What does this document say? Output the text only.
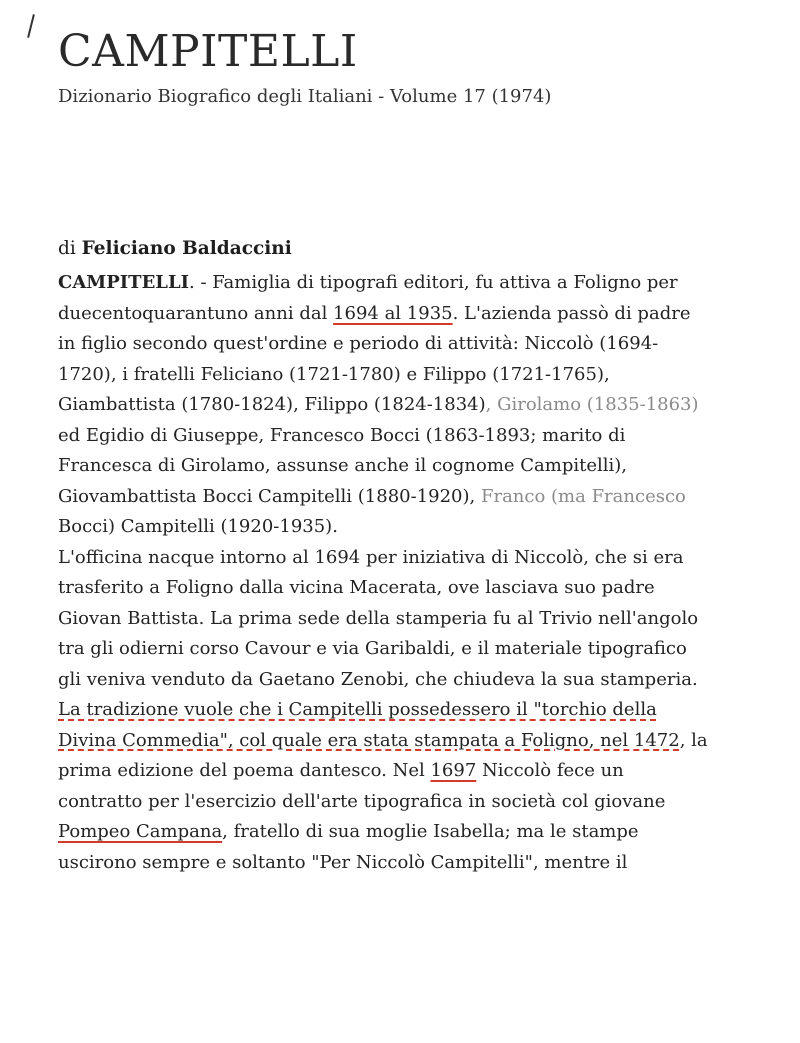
CAMPITELLI
Dizionario Biografico degli Italiani - Volume 17 (1974)
di Feliciano Baldaccini
CAMPITELLI. - Famiglia di tipografi editori, fu attiva a Foligno per
duecentoquarantuno anni dal 1694 al 1935. L'azienda passò di padre
in figlio secondo quest'ordine e periodo di attività: Niccolò (1694-
1720), i fratelli Feliciano (1721-1780) e Filippo (1721-1765),
Giambattista (1780-1824), Filippo (1824-1834), Girolamo (1835-1863)
ed Egidio di Giuseppe, Francesco Bocci (1863-1893; marito di
Francesca di Girolamo, assunse anche il cognome Campitelli),
Giovambattista Bocci Campitelli (1880-1920), Franco (ma Francesco
Bocci) Campitelli (1920-1935).
L'officina nacque intorno al 1694 per iniziativa di Niccolò, che si era
trasferito a Foligno dalla vicina Macerata, ove lasciava suo padre
Giovan Battista. La prima sede della stamperia fu al Trivio nell'angolo
tra gli odierni corso Cavour e via Garibaldi, e il materiale tipografico
gli veniva venduto da Gaetano Zenobi, che chiudeva la sua stamperia.
La tradizione vuole che i Campitelli possedessero il "torchio della
Divina Commedia", col quale era stata stampata a Foligno, nel 1472, la
prima edizione del poema dantesco. Nel 1697 Niccolò fece un
contratto per l'esercizio dell'arte tipografica in società col giovane
Pompeo Campana, fratello di sua moglie Isabella; ma le stampe
uscirono sempre e soltanto "Per Niccolò Campitelli", mentre il
